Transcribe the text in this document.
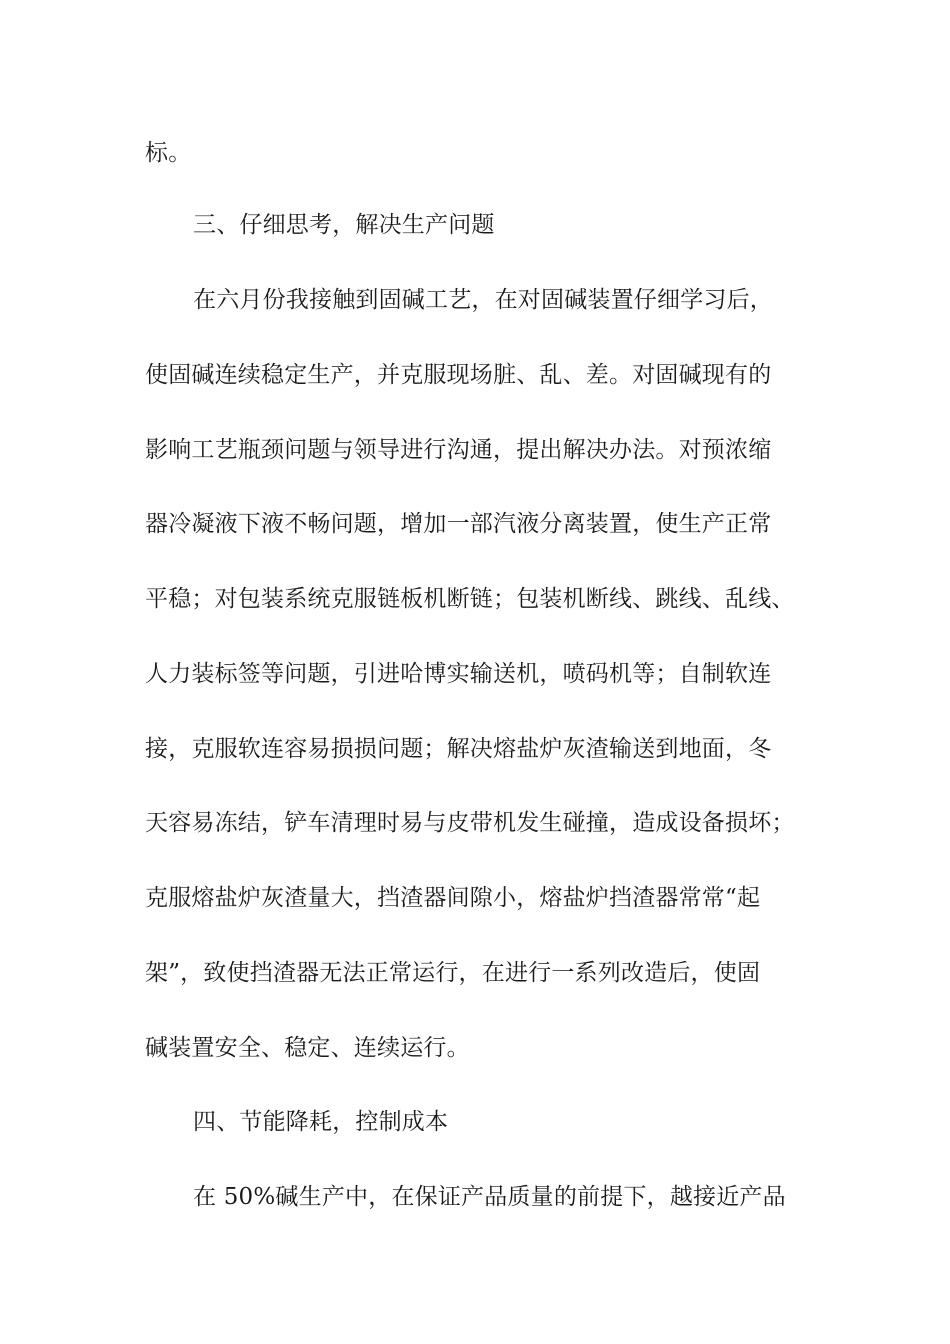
标。

三、仔细思考，解决生产问题

在六月份我接触到固碱工艺，在对固碱装置仔细学习后，

使固碱连续稳定生产，并克服现场脏、乱、差。对固碱现有的

影响工艺瓶颈问题与领导进行沟通，提出解决办法。对预浓缩

器冷凝液下液不畅问题，增加一部汽液分离装置，使生产正常

平稳；对包装系统克服链板机断链；包装机断线、跳线、乱线、

人力装标签等问题，引进哈博实输送机，喷码机等；自制软连

接，克服软连容易损损问题；解决熔盐炉灰渣输送到地面，冬

天容易冻结，铲车清理时易与皮带机发生碰撞，造成设备损坏；

克服熔盐炉灰渣量大，挡渣器间隙小，熔盐炉挡渣器常常“起

架”，致使挡渣器无法正常运行，在进行一系列改造后，使固

碱装置安全、稳定、连续运行。

四、节能降耗，控制成本

在 50%碱生产中，在保证产品质量的前提下，越接近产品
